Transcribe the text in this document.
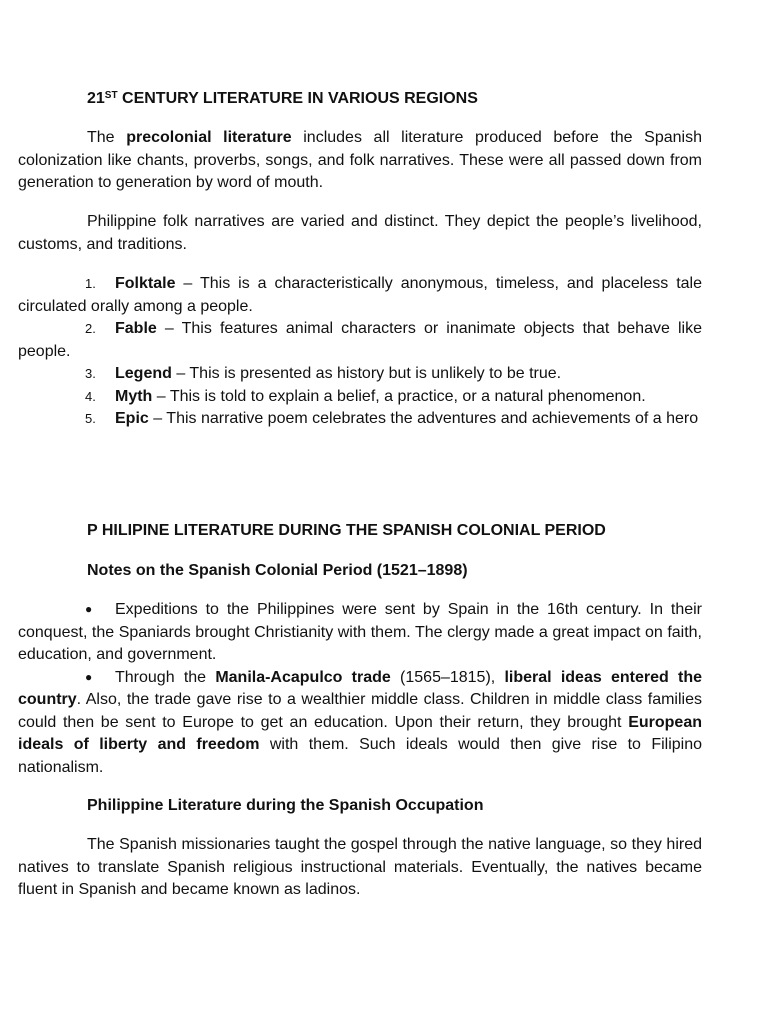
21ST CENTURY LITERATURE IN VARIOUS REGIONS

The precolonial literature includes all literature produced before the Spanish colonization like chants, proverbs, songs, and folk narratives. These were all passed down from generation to generation by word of mouth.

Philippine folk narratives are varied and distinct. They depict the people’s livelihood, customs, and traditions.

1. Folktale – This is a characteristically anonymous, timeless, and placeless tale circulated orally among a people.
2. Fable – This features animal characters or inanimate objects that behave like people.
3. Legend – This is presented as history but is unlikely to be true.
4. Myth – This is told to explain a belief, a practice, or a natural phenomenon.
5. Epic – This narrative poem celebrates the adventures and achievements of a hero
P HILIPINE LITERATURE DURING THE SPANISH COLONIAL PERIOD
Notes on the Spanish Colonial Period (1521–1898)
● Expeditions to the Philippines were sent by Spain in the 16th century. In their conquest, the Spaniards brought Christianity with them. The clergy made a great impact on faith, education, and government.
● Through the Manila-Acapulco trade (1565–1815), liberal ideas entered the country. Also, the trade gave rise to a wealthier middle class. Children in middle class families could then be sent to Europe to get an education. Upon their return, they brought European ideals of liberty and freedom with them. Such ideals would then give rise to Filipino nationalism.
Philippine Literature during the Spanish Occupation

The Spanish missionaries taught the gospel through the native language, so they hired natives to translate Spanish religious instructional materials. Eventually, the natives became fluent in Spanish and became known as ladinos.
